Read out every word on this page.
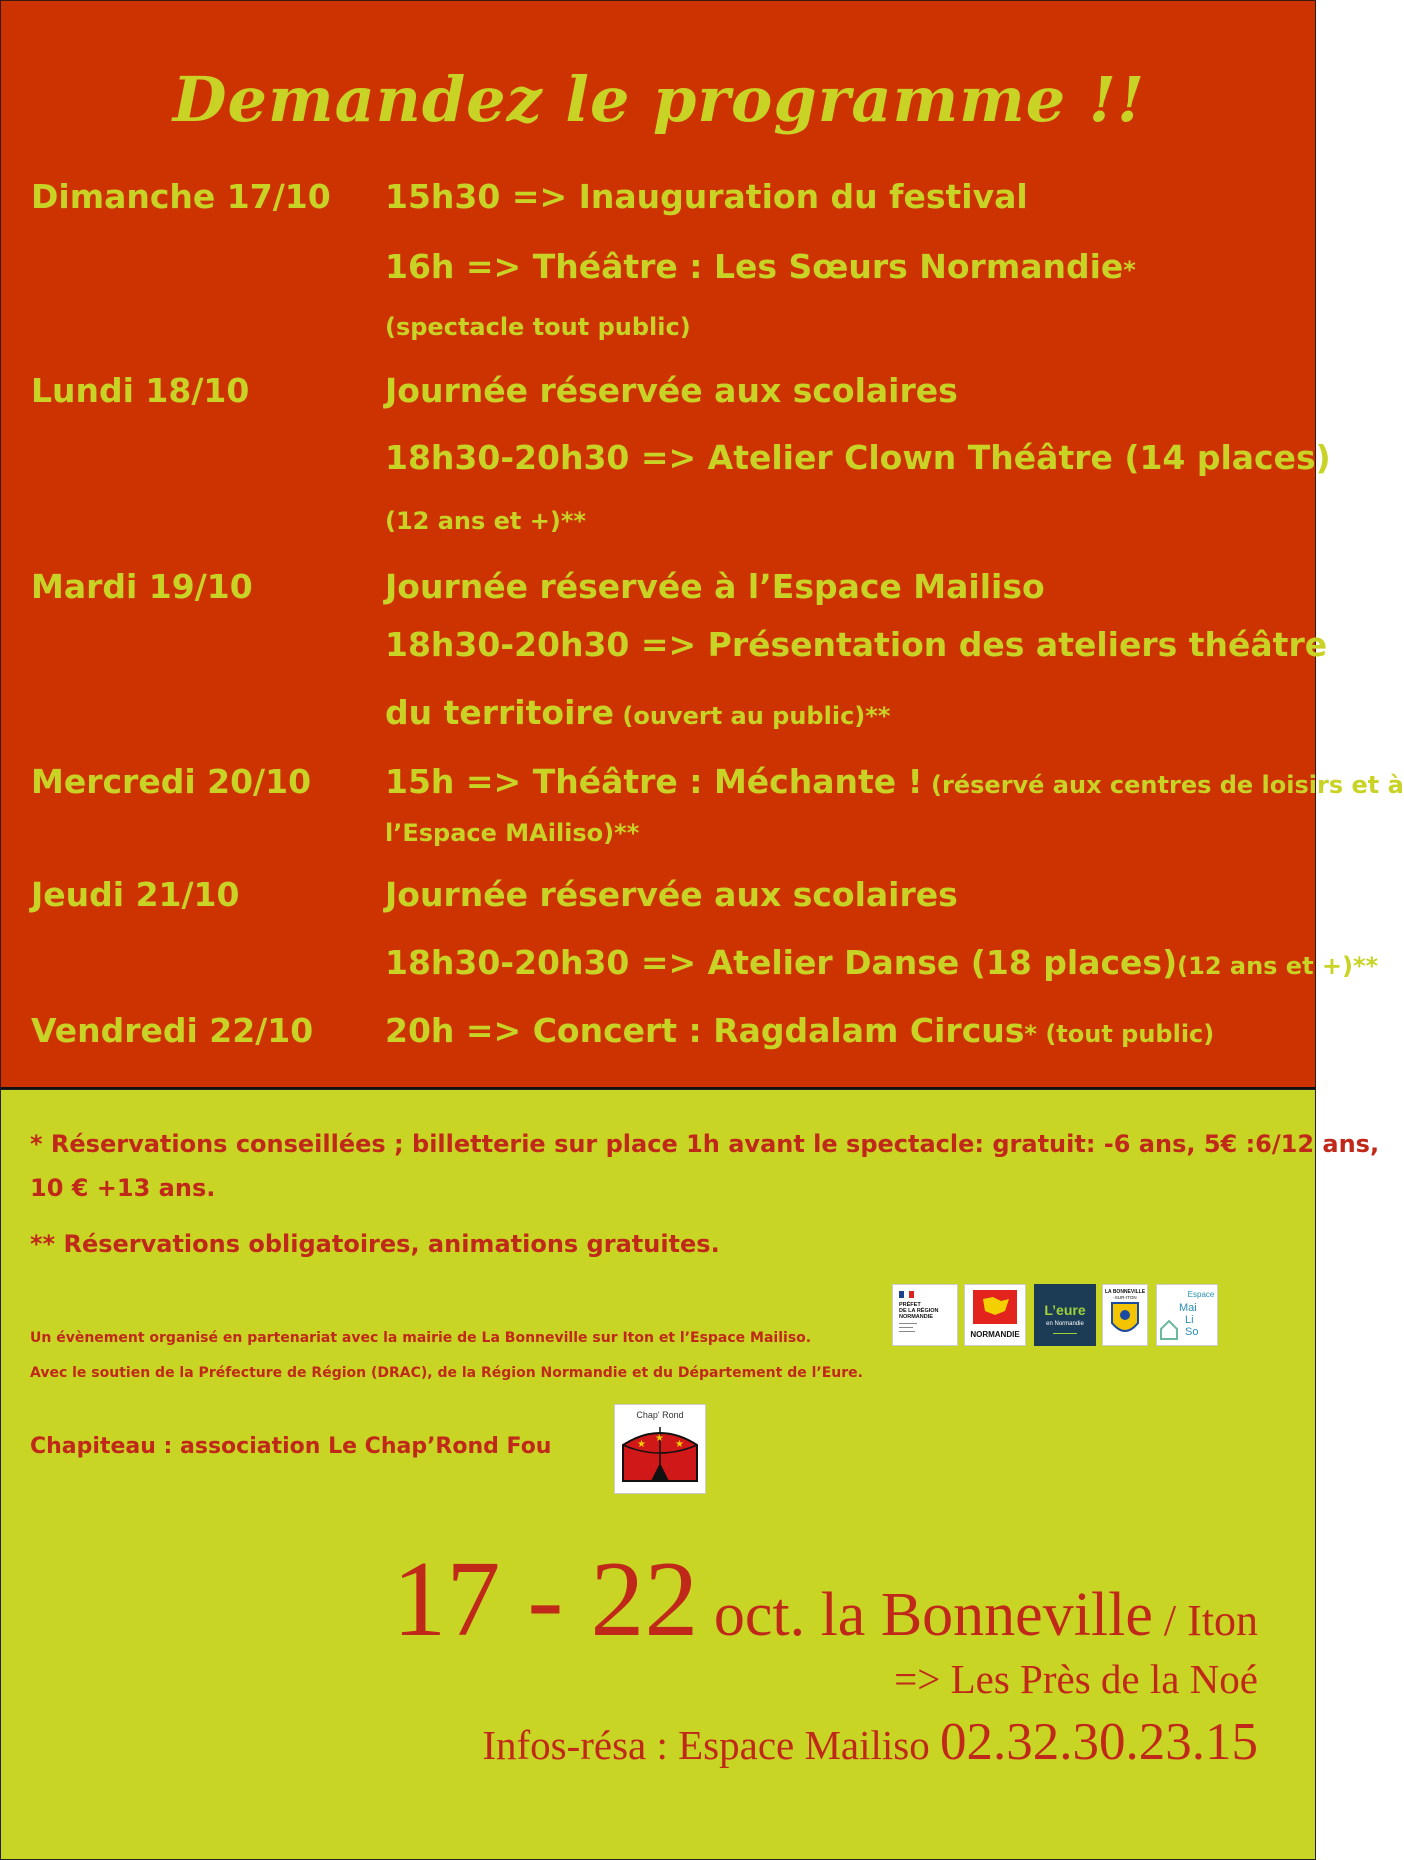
Demandez le programme !!
Dimanche 17/10 15h30 => Inauguration du festival
16h => Théâtre : Les Sœurs Normandie*
(spectacle tout public)
Lundi 18/10	Journée réservée aux scolaires
18h30-20h30 => Atelier Clown Théâtre (14 places)
(12 ans et +)**
Mardi 19/10	Journée réservée à l’Espace Mailiso
18h30-20h30 => Présentation des ateliers théâtre
du territoire (ouvert au public)**
Mercredi 20/10 15h => Théâtre : Méchante ! (réservé aux centres de loisirs et à
l’Espace MAiliso)**
Jeudi 21/10	Journée réservée aux scolaires
18h30-20h30 => Atelier Danse (18 places)(12 ans et +)**
Vendredi 22/10 20h => Concert : Ragdalam Circus* (tout public)
* Réservations conseillées ; billetterie sur place 1h avant le spectacle: gratuit: -6 ans, 5€ :6/12 ans,
10 € +13 ans.
** Réservations obligatoires, animations gratuites.
Un évènement organisé en partenariat avec la mairie de La Bonneville sur Iton et l’Espace Mailiso.
Avec le soutien de la Préfecture de Région (DRAC), de la Région Normandie et du Département de l’Eure.
Chapiteau : association Le Chap’Rond Fou
PRÉFET
DE LA RÉGION
NORMANDIE
NORMANDIE
L’eure
en Normandie
LA BONNEVILLE
-SUR-ITON	Espace
Mai
Li
So
Chap' Rond
★	★
★
17 - 22 oct. la Bonneville / Iton
=> Les Près de la Noé
Infos-résa : Espace Mailiso 02.32.30.23.15
